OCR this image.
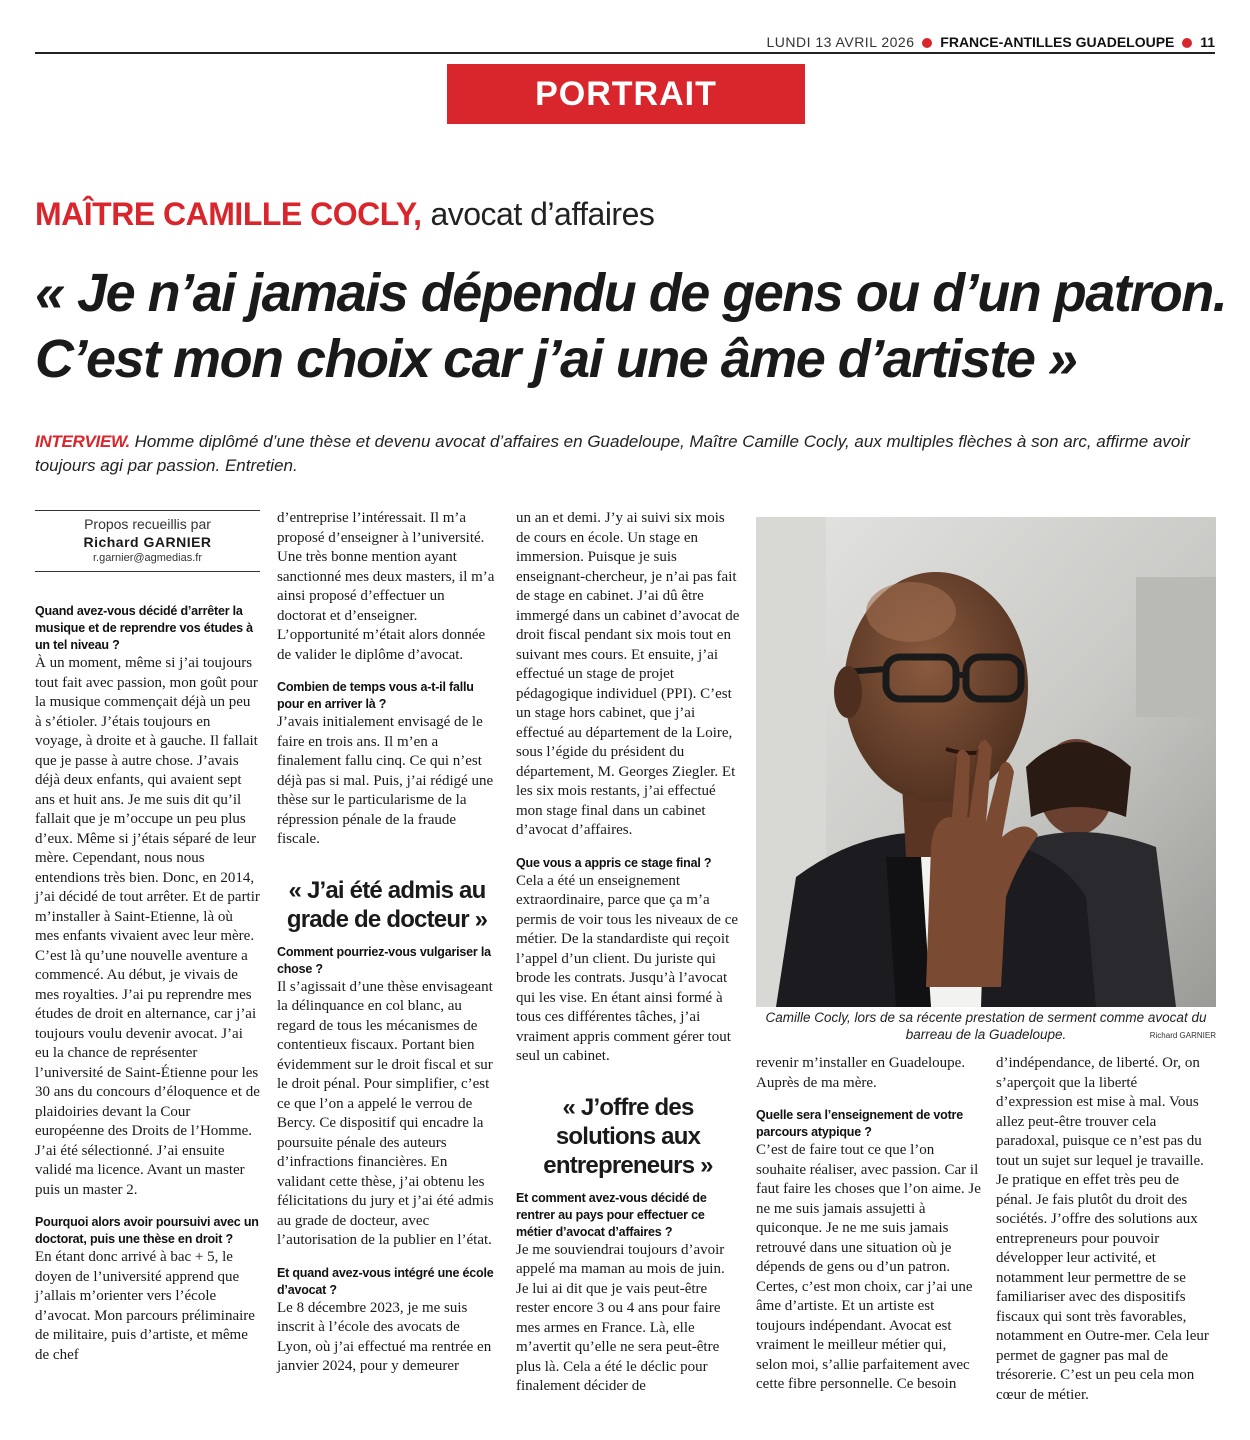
LUNDI 13 AVRIL 2026 FRANCE-ANTILLES GUADELOUPE 11
PORTRAIT
MAÎTRE CAMILLE COCLY, avocat d’affaires
« Je n’ai jamais dépendu de gens ou d’un patron.
C’est mon choix car j’ai une âme d’artiste »
INTERVIEW. Homme diplômé d’une thèse et devenu avocat d’affaires en Guadeloupe, Maître Camille Cocly, aux multiples flèches à son arc, affirme avoir toujours agi par passion. Entretien.
Propos recueillis par
Richard GARNIER
r.garnier@agmedias.fr
Quand avez-vous décidé d’arrêter la musique et de reprendre vos études à un tel niveau ?
À un moment, même si j’ai toujours tout fait avec passion, mon goût pour la musique commençait déjà un peu à s’étioler. J’étais toujours en voyage, à droite et à gauche. Il fallait que je passe à autre chose. J’avais déjà deux enfants, qui avaient sept ans et huit ans. Je me suis dit qu’il fallait que je m’occupe un peu plus d’eux. Même si j’étais séparé de leur mère. Cependant, nous nous entendions très bien. Donc, en 2014, j’ai décidé de tout arrêter. Et de partir m’installer à Saint-Etienne, là où mes enfants vivaient avec leur mère. C’est là qu’une nouvelle aventure a commencé. Au début, je vivais de mes royalties. J’ai pu reprendre mes études de droit en alternance, car j’ai toujours voulu devenir avocat. J’ai eu la chance de représenter l’université de Saint-Étienne pour les 30 ans du concours d’éloquence et de plaidoiries devant la Cour européenne des Droits de l’Homme. J’ai été sélectionné. J’ai ensuite validé ma licence. Avant un master puis un master 2.
Pourquoi alors avoir poursuivi avec un doctorat, puis une thèse en droit ?
En étant donc arrivé à bac + 5, le doyen de l’université apprend que j’allais m’orienter vers l’école d’avocat. Mon parcours préliminaire de militaire, puis d’artiste, et même de chef
d’entreprise l’intéressait. Il m’a proposé d’enseigner à l’université. Une très bonne mention ayant sanctionné mes deux masters, il m’a ainsi proposé d’effectuer un doctorat et d’enseigner. L’opportunité m’était alors donnée de valider le diplôme d’avocat.
Combien de temps vous a-t-il fallu pour en arriver là ?
J’avais initialement envisagé de le faire en trois ans. Il m’en a finalement fallu cinq. Ce qui n’est déjà pas si mal. Puis, j’ai rédigé une thèse sur le particularisme de la répression pénale de la fraude fiscale.
« J’ai été admis au grade de docteur »
Comment pourriez-vous vulgariser la chose ?
Il s’agissait d’une thèse envisageant la délinquance en col blanc, au regard de tous les mécanismes de contentieux fiscaux. Portant bien évidemment sur le droit fiscal et sur le droit pénal. Pour simplifier, c’est ce que l’on a appelé le verrou de Bercy. Ce dispositif qui encadre la poursuite pénale des auteurs d’infractions financières. En validant cette thèse, j’ai obtenu les félicitations du jury et j’ai été admis au grade de docteur, avec l’autorisation de la publier en l’état.
Et quand avez-vous intégré une école d’avocat ?
Le 8 décembre 2023, je me suis inscrit à l’école des avocats de Lyon, où j’ai effectué ma rentrée en janvier 2024, pour y demeurer
un an et demi. J’y ai suivi six mois de cours en école. Un stage en immersion. Puisque je suis enseignant-chercheur, je n’ai pas fait de stage en cabinet. J’ai dû être immergé dans un cabinet d’avocat de droit fiscal pendant six mois tout en suivant mes cours. Et ensuite, j’ai effectué un stage de projet pédagogique individuel (PPI). C’est un stage hors cabinet, que j’ai effectué au département de la Loire, sous l’égide du président du département, M. Georges Ziegler. Et les six mois restants, j’ai effectué mon stage final dans un cabinet d’avocat d’affaires.
Que vous a appris ce stage final ?
Cela a été un enseignement extraordinaire, parce que ça m’a permis de voir tous les niveaux de ce métier. De la standardiste qui reçoit l’appel d’un client. Du juriste qui brode les contrats. Jusqu’à l’avocat qui les vise. En étant ainsi formé à tous ces différentes tâches, j’ai vraiment appris comment gérer tout seul un cabinet.
« J’offre des solutions aux entrepreneurs »
Et comment avez-vous décidé de rentrer au pays pour effectuer ce métier d’avocat d’affaires ?
Je me souviendrai toujours d’avoir appelé ma maman au mois de juin. Je lui ai dit que je vais peut-être rester encore 3 ou 4 ans pour faire mes armes en France. Là, elle m’avertit qu’elle ne sera peut-être plus là. Cela a été le déclic pour finalement décider de
Camille Cocly, lors de sa récente prestation de serment comme avocat du barreau de la Guadeloupe.	Richard GARNIER
revenir m’installer en Guadeloupe. Auprès de ma mère.
Quelle sera l’enseignement de votre parcours atypique ?
C’est de faire tout ce que l’on souhaite réaliser, avec passion. Car il faut faire les choses que l’on aime. Je ne me suis jamais assujetti à quiconque. Je ne me suis jamais retrouvé dans une situation où je dépends de gens ou d’un patron. Certes, c’est mon choix, car j’ai une âme d’artiste. Et un artiste est toujours indépendant. Avocat est vraiment le meilleur métier qui, selon moi, s’allie parfaitement avec cette fibre personnelle. Ce besoin
d’indépendance, de liberté. Or, on s’aperçoit que la liberté d’expression est mise à mal. Vous allez peut-être trouver cela paradoxal, puisque ce n’est pas du tout un sujet sur lequel je travaille. Je pratique en effet très peu de pénal. Je fais plutôt du droit des sociétés. J’offre des solutions aux entrepreneurs pour pouvoir développer leur activité, et notamment leur permettre de se familiariser avec des dispositifs fiscaux qui sont très favorables, notamment en Outre-mer. Cela leur permet de gagner pas mal de trésorerie. C’est un peu cela mon cœur de métier.
